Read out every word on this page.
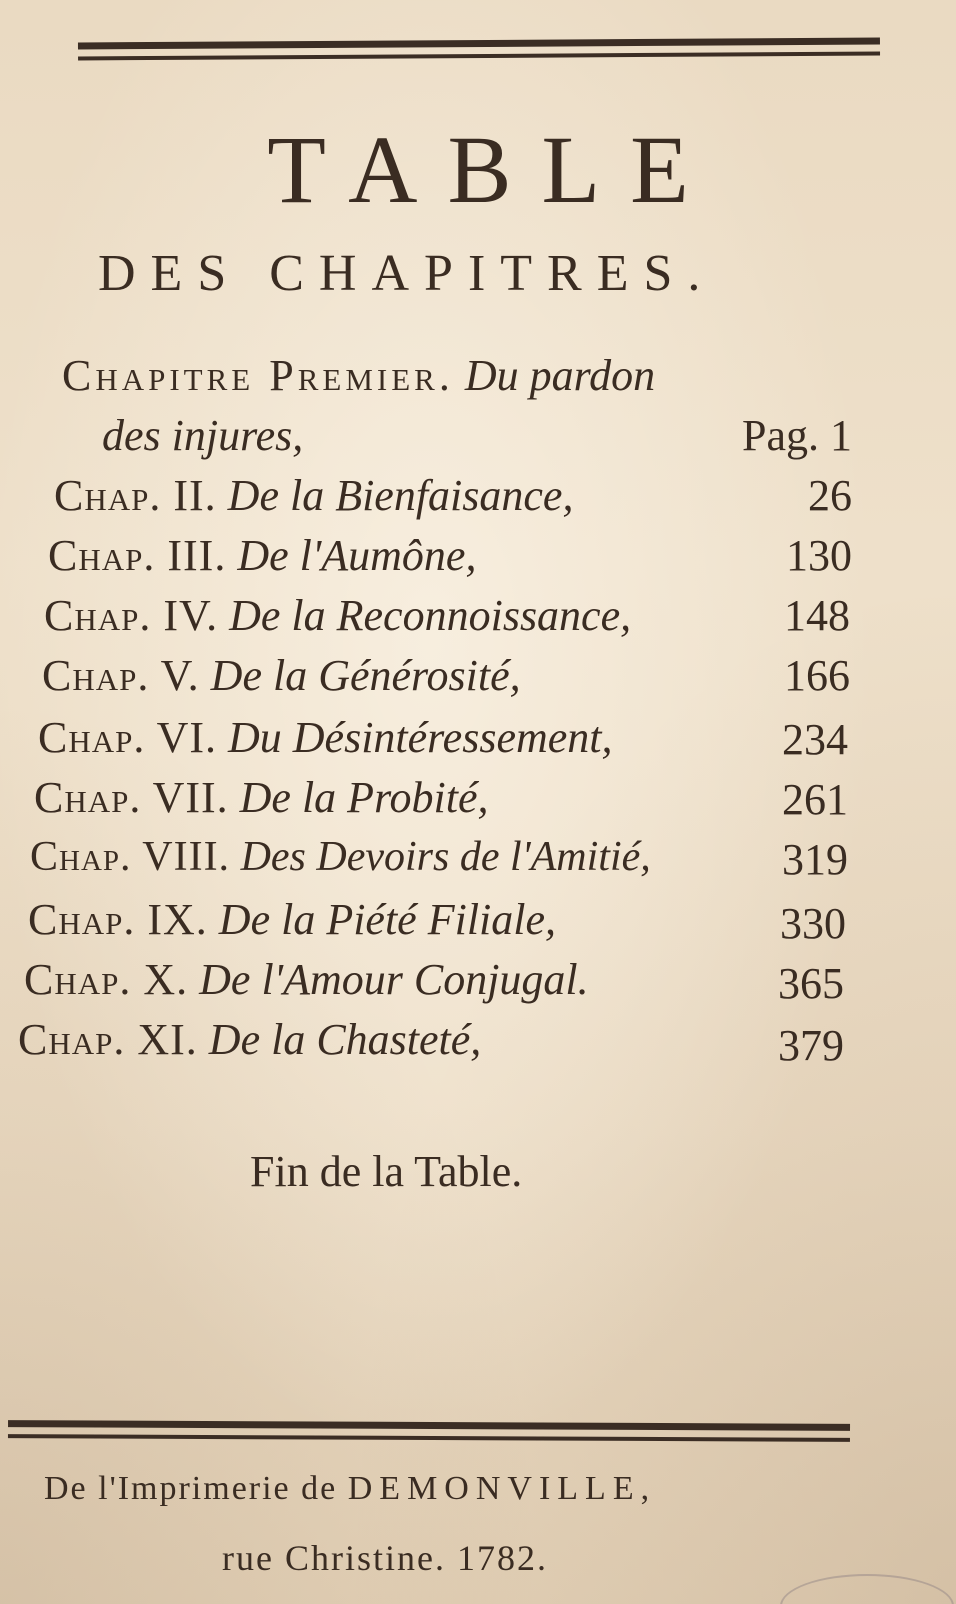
TABLE
DES CHAPITRES.
Chapitre Premier. Du pardon
des injures,	Pag. 1
Chap. II. De la Bienfaisance,	26
Chap. III. De l'Aumône,	130
Chap. IV. De la Reconnoissance,	148
Chap. V. De la Générosité,	166
Chap. VI. Du Désintéressement,	234
Chap. VII. De la Probité,	261
Chap. VIII. Des Devoirs de l'Amitié,	319
Chap. IX. De la Piété Filiale,	330
Chap. X. De l'Amour Conjugal.	365
Chap. XI. De la Chasteté,	379
Fin de la Table.
De l'Imprimerie de DEMONVILLE,
rue Christine. 1782.
